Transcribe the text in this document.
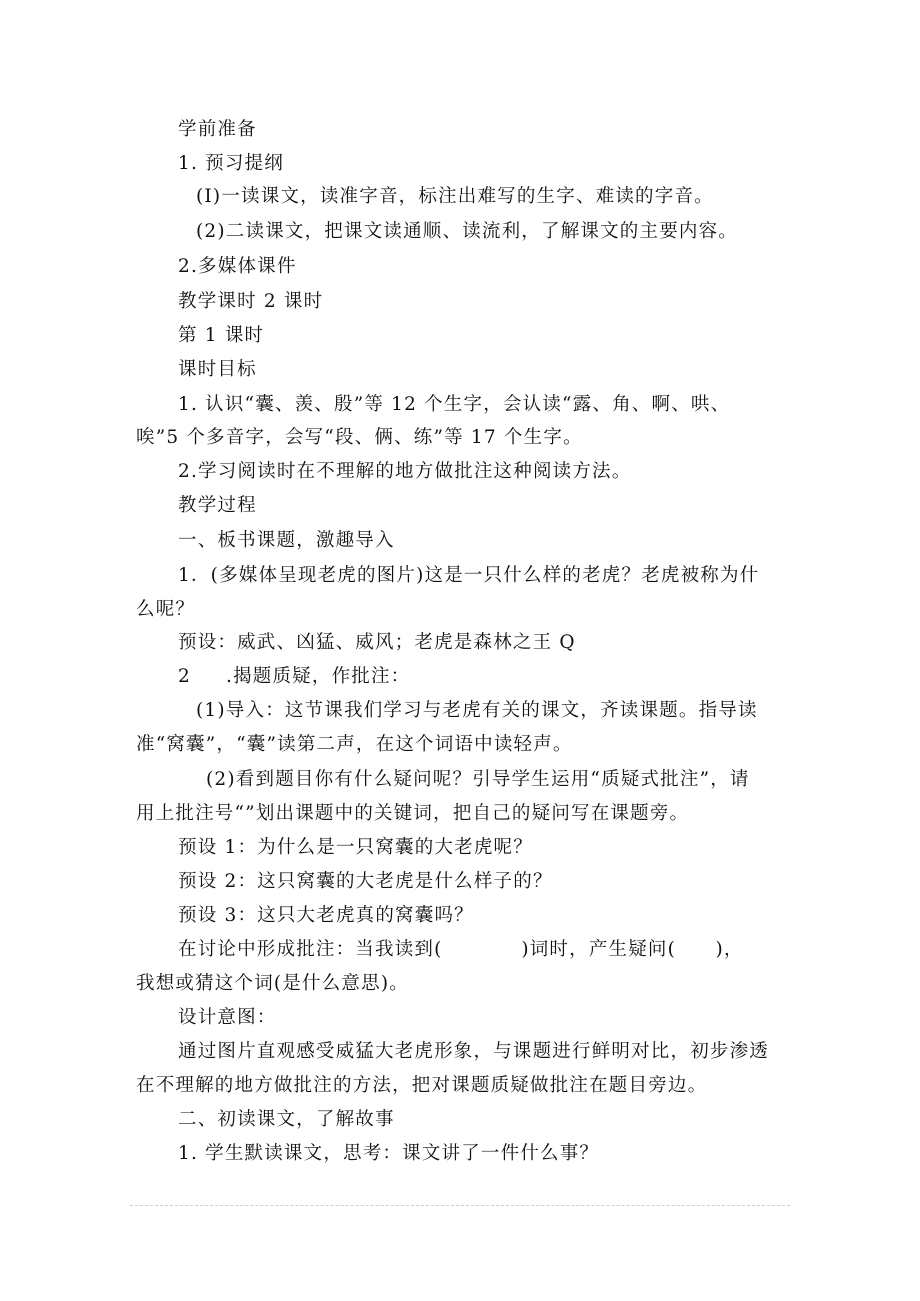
学前准备

1. 预习提纲

(I)一读课文，读准字音，标注出难写的生字、难读的字音。

(2)二读课文，把课文读通顺、读流利，了解课文的主要内容。

2.多媒体课件

教学课时 2 课时

第 1 课时

课时目标

1. 认识“囊、羡、殷”等 12 个生字，会认读“露、角、啊、哄、

唉”5 个多音字，会写“段、俩、练”等 17 个生字。

2.学习阅读时在不理解的地方做批注这种阅读方法。

教学过程

一、板书课题，激趣导入

1．(多媒体呈现老虎的图片)这是一只什么样的老虎？老虎被称为什

么呢？

预设：威武、凶猛、威风；老虎是森林之王 Q

2 .揭题质疑，作批注：

(1)导入：这节课我们学习与老虎有关的课文，齐读课题。指导读

准“窝囊”，“囊”读第二声，在这个词语中读轻声。

(2)看到题目你有什么疑问呢？引导学生运用“质疑式批注”，请

用上批注号“”划出课题中的关键词，把自己的疑问写在课题旁。

预设 1：为什么是一只窝囊的大老虎呢？

预设 2：这只窝囊的大老虎是什么样子的？

预设 3：这只大老虎真的窝囊吗？

在讨论中形成批注：当我读到(　　　　)词时，产生疑问(　　)，

我想或猜这个词(是什么意思)。

设计意图：

通过图片直观感受威猛大老虎形象，与课题进行鲜明对比，初步渗透

在不理解的地方做批注的方法，把对课题质疑做批注在题目旁边。

二、初读课文，了解故事

1. 学生默读课文，思考：课文讲了一件什么事？
